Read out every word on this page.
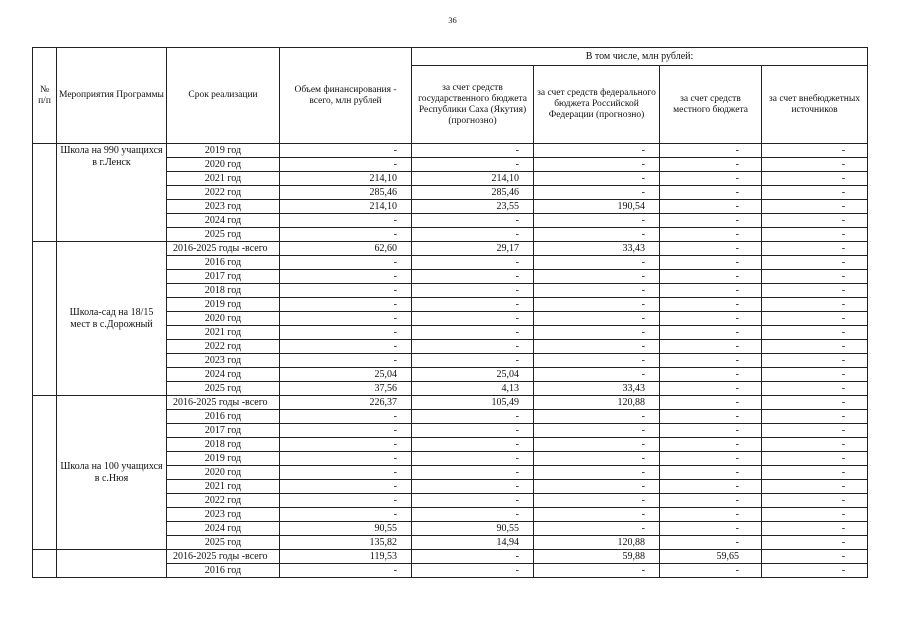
36
№ п/п	Мероприятия Программы	Срок реализации	Объем финансирования - всего, млн рублей	В том числе, млн рублей:			
				за счет средств государственного бюджета Республики Саха (Якутия) (прогнозно)	за счет средств федерального бюджета Российской Федерации (прогнозно)	за счет средств местного бюджета	за счет внебюджетных источников
	Школа на 990 учащихся в г.Ленск	2019 год	-	-	-	-	-
		2020 год	-	-	-	-	-
		2021 год	214,10	214,10	-	-	-
		2022 год	285,46	285,46	-	-	-
		2023 год	214,10	23,55	190,54	-	-
		2024 год	-	-	-	-	-
		2025 год	-	-	-	-	-
	Школа-сад на 18/15 мест в с.Дорожный	2016-2025 годы -всего	62,60	29,17	33,43	-	-
		2016 год	-	-	-	-	-
		2017 год	-	-	-	-	-
		2018 год	-	-	-	-	-
		2019 год	-	-	-	-	-
		2020 год	-	-	-	-	-
		2021 год	-	-	-	-	-
		2022 год	-	-	-	-	-
		2023 год	-	-	-	-	-
		2024 год	25,04	25,04	-	-	-
		2025 год	37,56	4,13	33,43	-	-
	Школа на 100 учащихся в с.Нюя	2016-2025 годы -всего	226,37	105,49	120,88	-	-
		2016 год	-	-	-	-	-
		2017 год	-	-	-	-	-
		2018 год	-	-	-	-	-
		2019 год	-	-	-	-	-
		2020 год	-	-	-	-	-
		2021 год	-	-	-	-	-
		2022 год	-	-	-	-	-
		2023 год	-	-	-	-	-
		2024 год	90,55	90,55	-	-	-
		2025 год	135,82	14,94	120,88	-	-
		2016-2025 годы -всего	119,53	-	59,88	59,65	-
		2016 год	-	-	-	-	-
